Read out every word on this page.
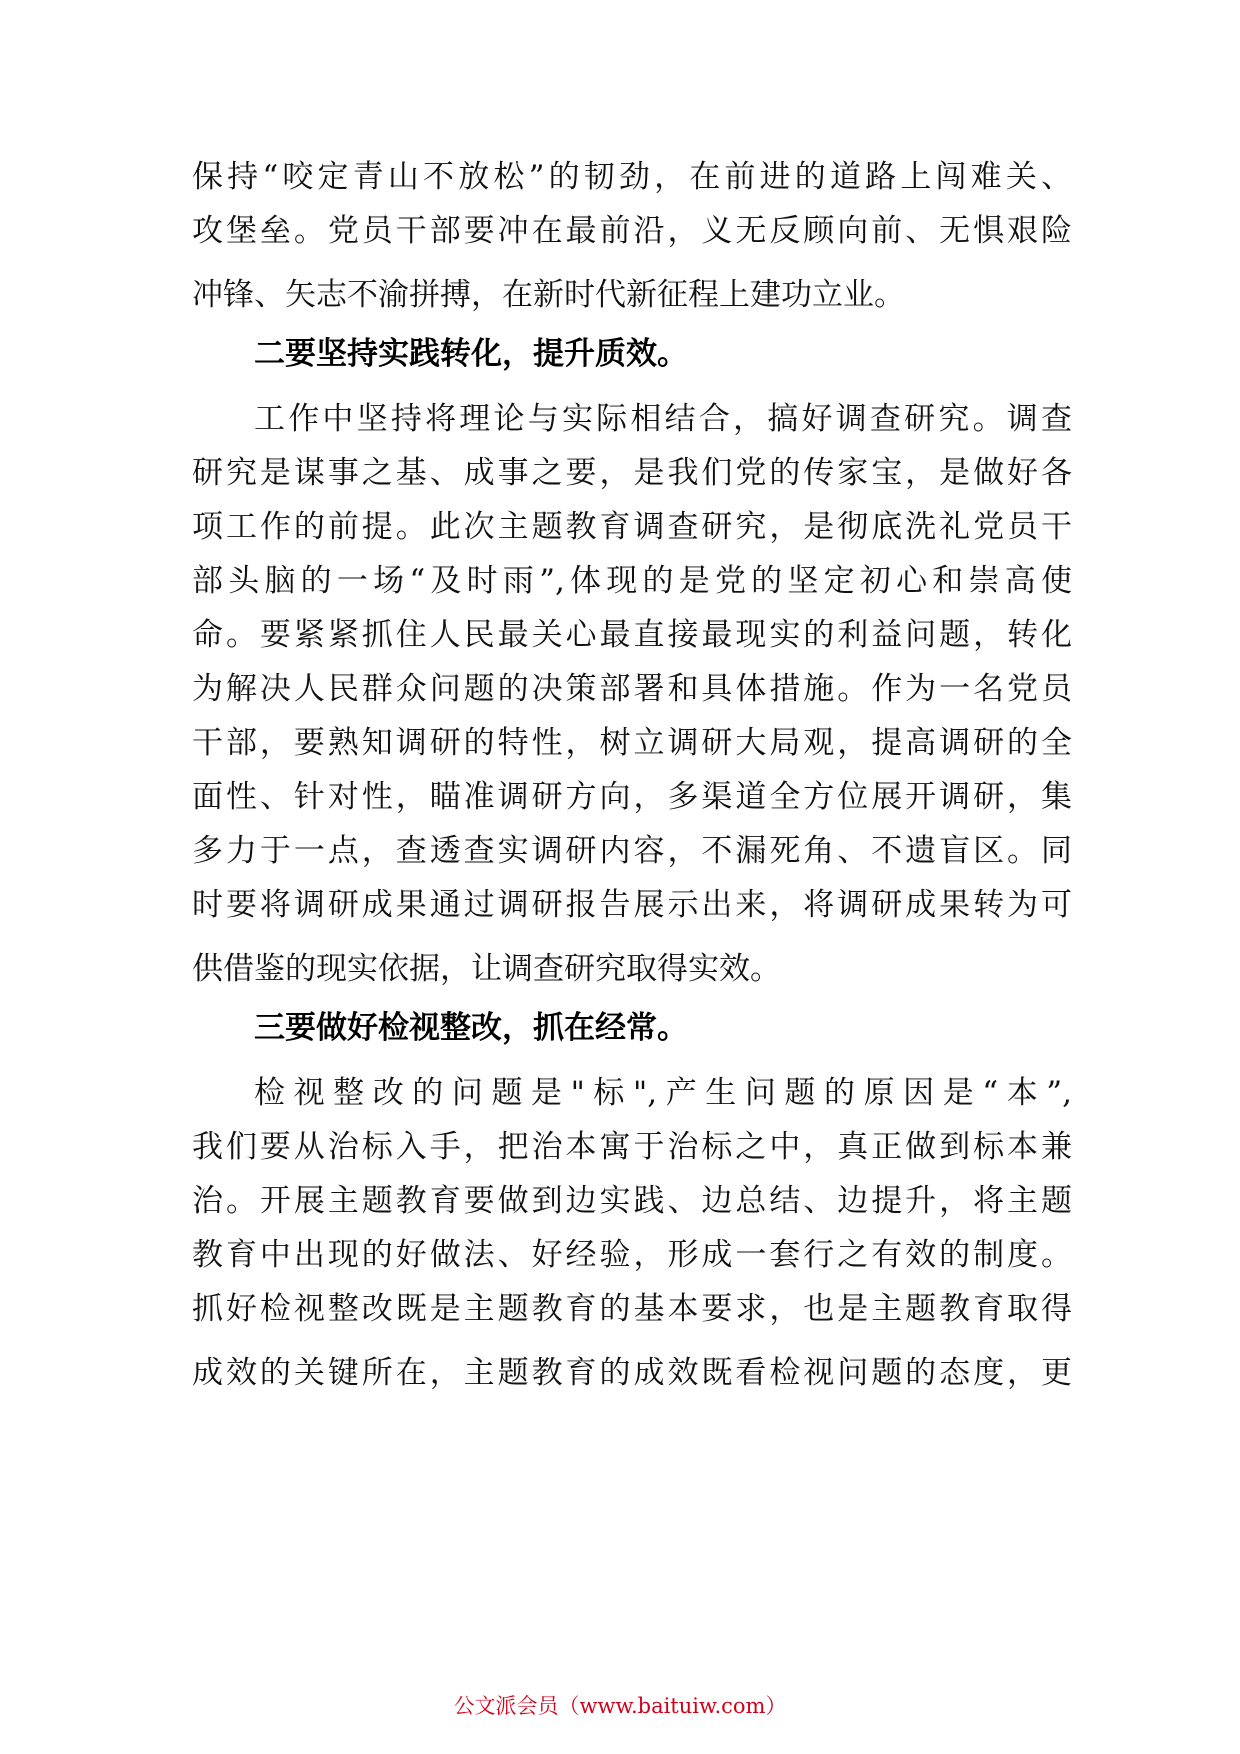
保持“咬定青山不放松”的韧劲，在前进的道路上闯难关、
攻堡垒。党员干部要冲在最前沿，义无反顾向前、无惧艰险
冲锋、矢志不渝拼搏，在新时代新征程上建功立业。
二要坚持实践转化，提升质效。
工作中坚持将理论与实际相结合，搞好调查研究。调查
研究是谋事之基、成事之要，是我们党的传家宝，是做好各
项工作的前提。此次主题教育调查研究，是彻底洗礼党员干
部头脑的一场“及时雨”,体现的是党的坚定初心和崇高使
命。要紧紧抓住人民最关心最直接最现实的利益问题，转化
为解决人民群众问题的决策部署和具体措施。作为一名党员
干部，要熟知调研的特性，树立调研大局观，提高调研的全
面性、针对性，瞄准调研方向，多渠道全方位展开调研，集
多力于一点，查透查实调研内容，不漏死角、不遗盲区。同
时要将调研成果通过调研报告展示出来，将调研成果转为可
供借鉴的现实依据，让调查研究取得实效。
三要做好检视整改，抓在经常。
检视整改的问题是"标",产生问题的原因是“本”,
我们要从治标入手，把治本寓于治标之中，真正做到标本兼
治。开展主题教育要做到边实践、边总结、边提升，将主题
教育中出现的好做法、好经验，形成一套行之有效的制度。
抓好检视整改既是主题教育的基本要求，也是主题教育取得
成效的关键所在，主题教育的成效既看检视问题的态度，更
公文派会员（www.baituiw.com）
